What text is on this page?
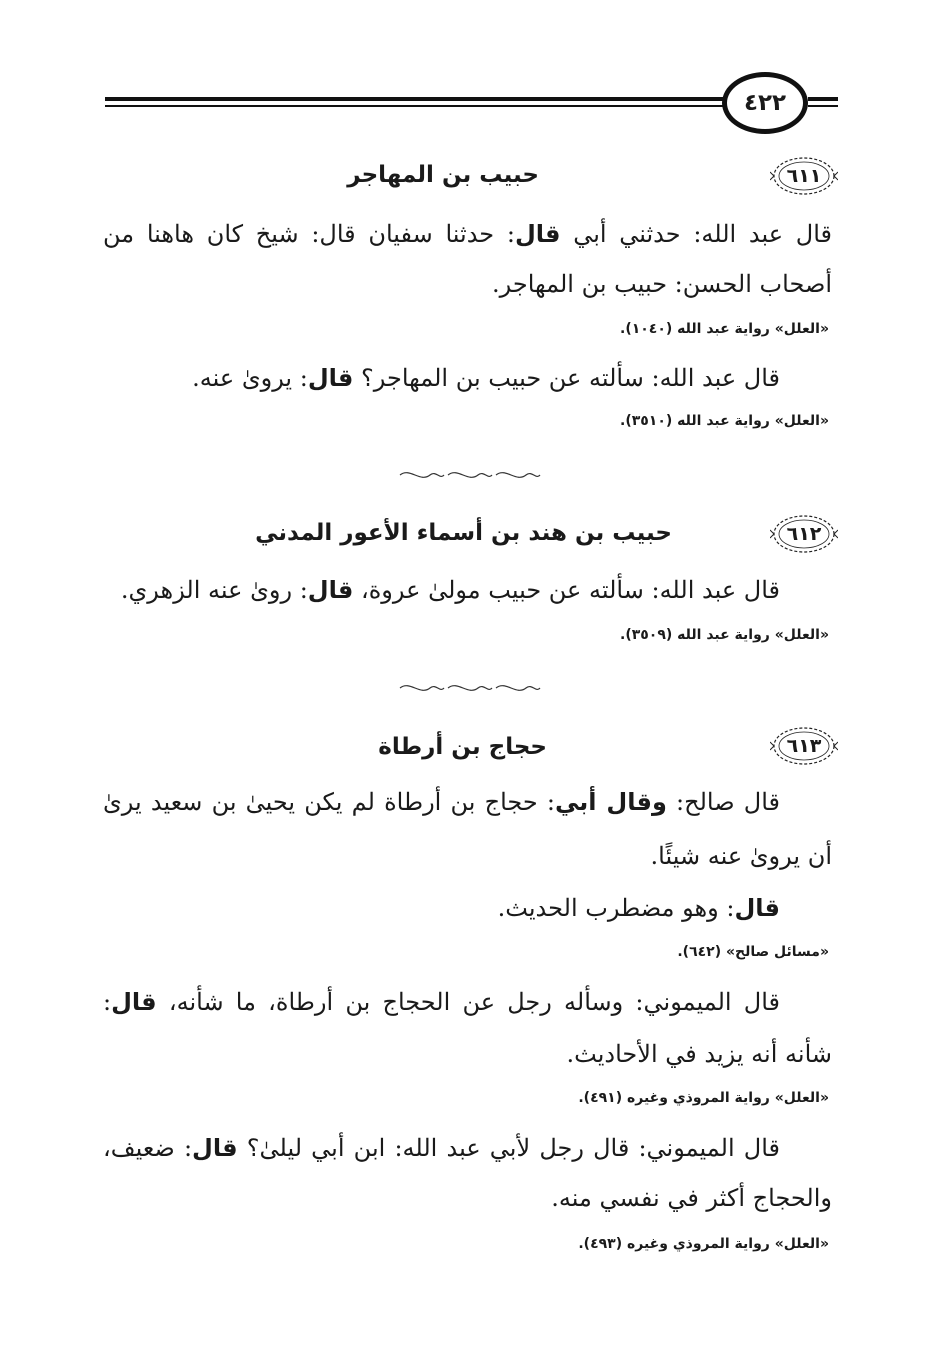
٤٢٢
٦١١
حبيب بن المهاجر
قال عبد الله: حدثني أبي قال: حدثنا سفيان قال: شيخ كان هاهنا من
أصحاب الحسن: حبيب بن المهاجر.
«العلل» رواية عبد الله (١٠٤٠).
قال عبد الله: سألته عن حبيب بن المهاجر؟ قال: يروىٰ عنه.
«العلل» رواية عبد الله (٣٥١٠).
٦١٢
حبيب بن هند بن أسماء الأعور المدني
قال عبد الله: سألته عن حبيب مولىٰ عروة، قال: روىٰ عنه الزهري.
«العلل» رواية عبد الله (٣٥٠٩).
٦١٣
حجاج بن أرطاة
قال صالح: وقال أبي: حجاج بن أرطاة لم يكن يحيىٰ بن سعيد يرىٰ
أن يروىٰ عنه شيئًا.
قال: وهو مضطرب الحديث.
«مسائل صالح» (٦٤٢).
قال الميموني: وسأله رجل عن الحجاج بن أرطاة، ما شأنه، قال:
شأنه أنه يزيد في الأحاديث.
«العلل» رواية المروذي وغيره (٤٩١).
قال الميموني: قال رجل لأبي عبد الله: ابن أبي ليلىٰ؟ قال: ضعيف،
والحجاج أكثر في نفسي منه.
«العلل» رواية المروذي وغيره (٤٩٣).
